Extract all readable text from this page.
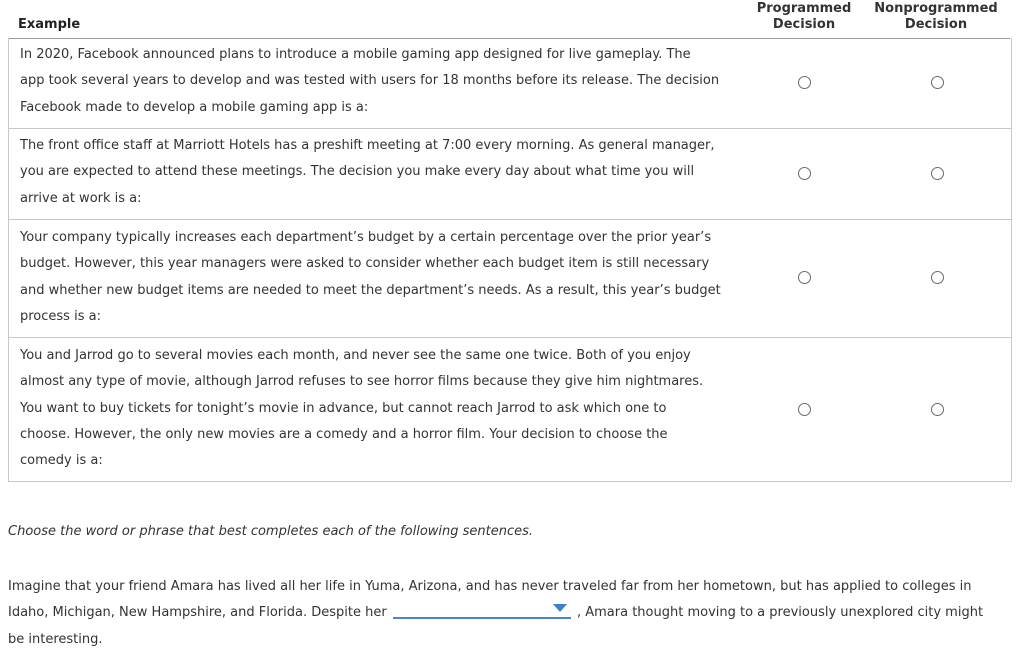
Example
Programmed
Decision
Nonprogrammed
Decision
In 2020, Facebook announced plans to introduce a mobile gaming app designed for live gameplay. The
app took several years to develop and was tested with users for 18 months before its release. The decision
Facebook made to develop a mobile gaming app is a:
The front office staff at Marriott Hotels has a preshift meeting at 7:00 every morning. As general manager,
you are expected to attend these meetings. The decision you make every day about what time you will
arrive at work is a:
Your company typically increases each department’s budget by a certain percentage over the prior year’s
budget. However, this year managers were asked to consider whether each budget item is still necessary
and whether new budget items are needed to meet the department’s needs. As a result, this year’s budget
process is a:
You and Jarrod go to several movies each month, and never see the same one twice. Both of you enjoy
almost any type of movie, although Jarrod refuses to see horror films because they give him nightmares.
You want to buy tickets for tonight’s movie in advance, but cannot reach Jarrod to ask which one to
choose. However, the only new movies are a comedy and a horror film. Your decision to choose the
comedy is a:
Choose the word or phrase that best completes each of the following sentences.
Imagine that your friend Amara has lived all her life in Yuma, Arizona, and has never traveled far from her hometown, but has applied to colleges in
Idaho, Michigan, New Hampshire, and Florida. Despite her	, Amara thought moving to a previously unexplored city might
be interesting.
